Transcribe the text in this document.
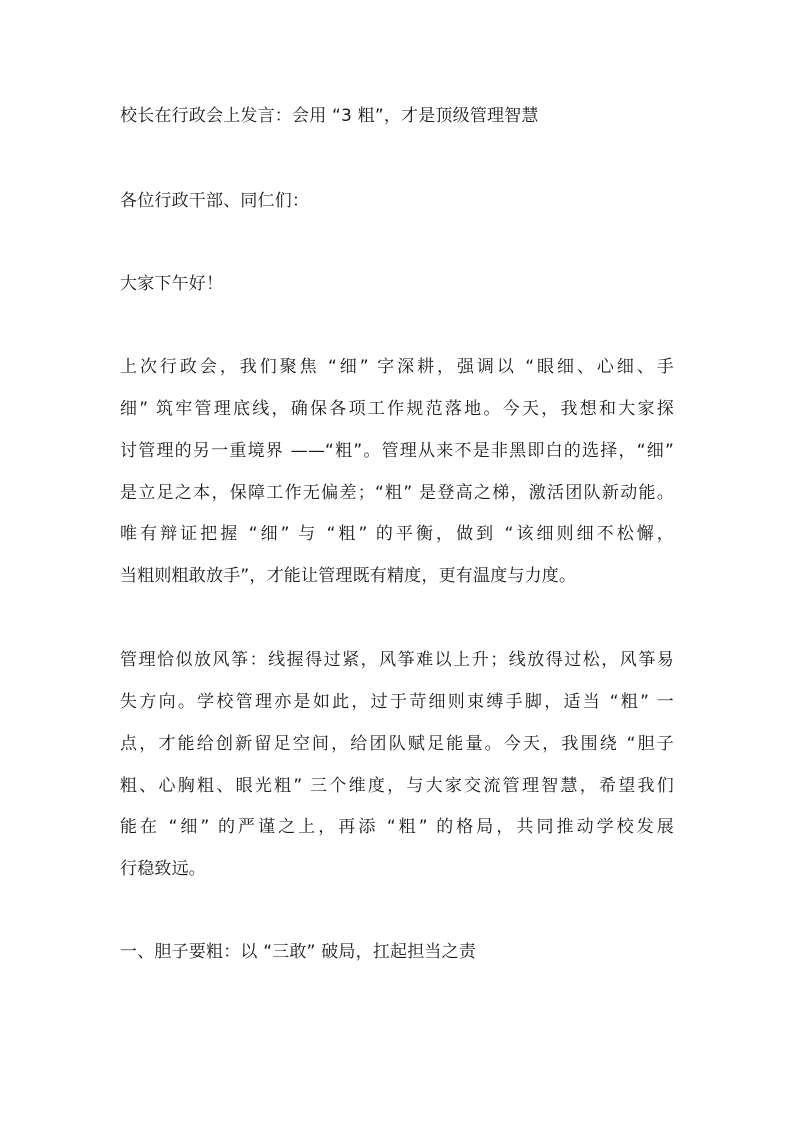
校长在行政会上发言：会用 “3 粗”，才是顶级管理智慧

各位行政干部、同仁们：

大家下午好！

上次行政会，我们聚焦 “细” 字深耕，强调以 “眼细、心细、手

细” 筑牢管理底线，确保各项工作规范落地。今天，我想和大家探

讨管理的另一重境界 ——“粗”。管理从来不是非黑即白的选择，“细”

是立足之本，保障工作无偏差；“粗” 是登高之梯，激活团队新动能。

唯有辩证把握 “细” 与 “粗” 的平衡，做到 “该细则细不松懈，

当粗则粗敢放手”，才能让管理既有精度，更有温度与力度。

管理恰似放风筝：线握得过紧，风筝难以上升；线放得过松，风筝易

失方向。学校管理亦是如此，过于苛细则束缚手脚，适当 “粗” 一

点，才能给创新留足空间，给团队赋足能量。今天，我围绕 “胆子

粗、心胸粗、眼光粗” 三个维度，与大家交流管理智慧，希望我们

能在 “细” 的严谨之上，再添 “粗” 的格局，共同推动学校发展

行稳致远。

一、胆子要粗：以 “三敢” 破局，扛起担当之责
